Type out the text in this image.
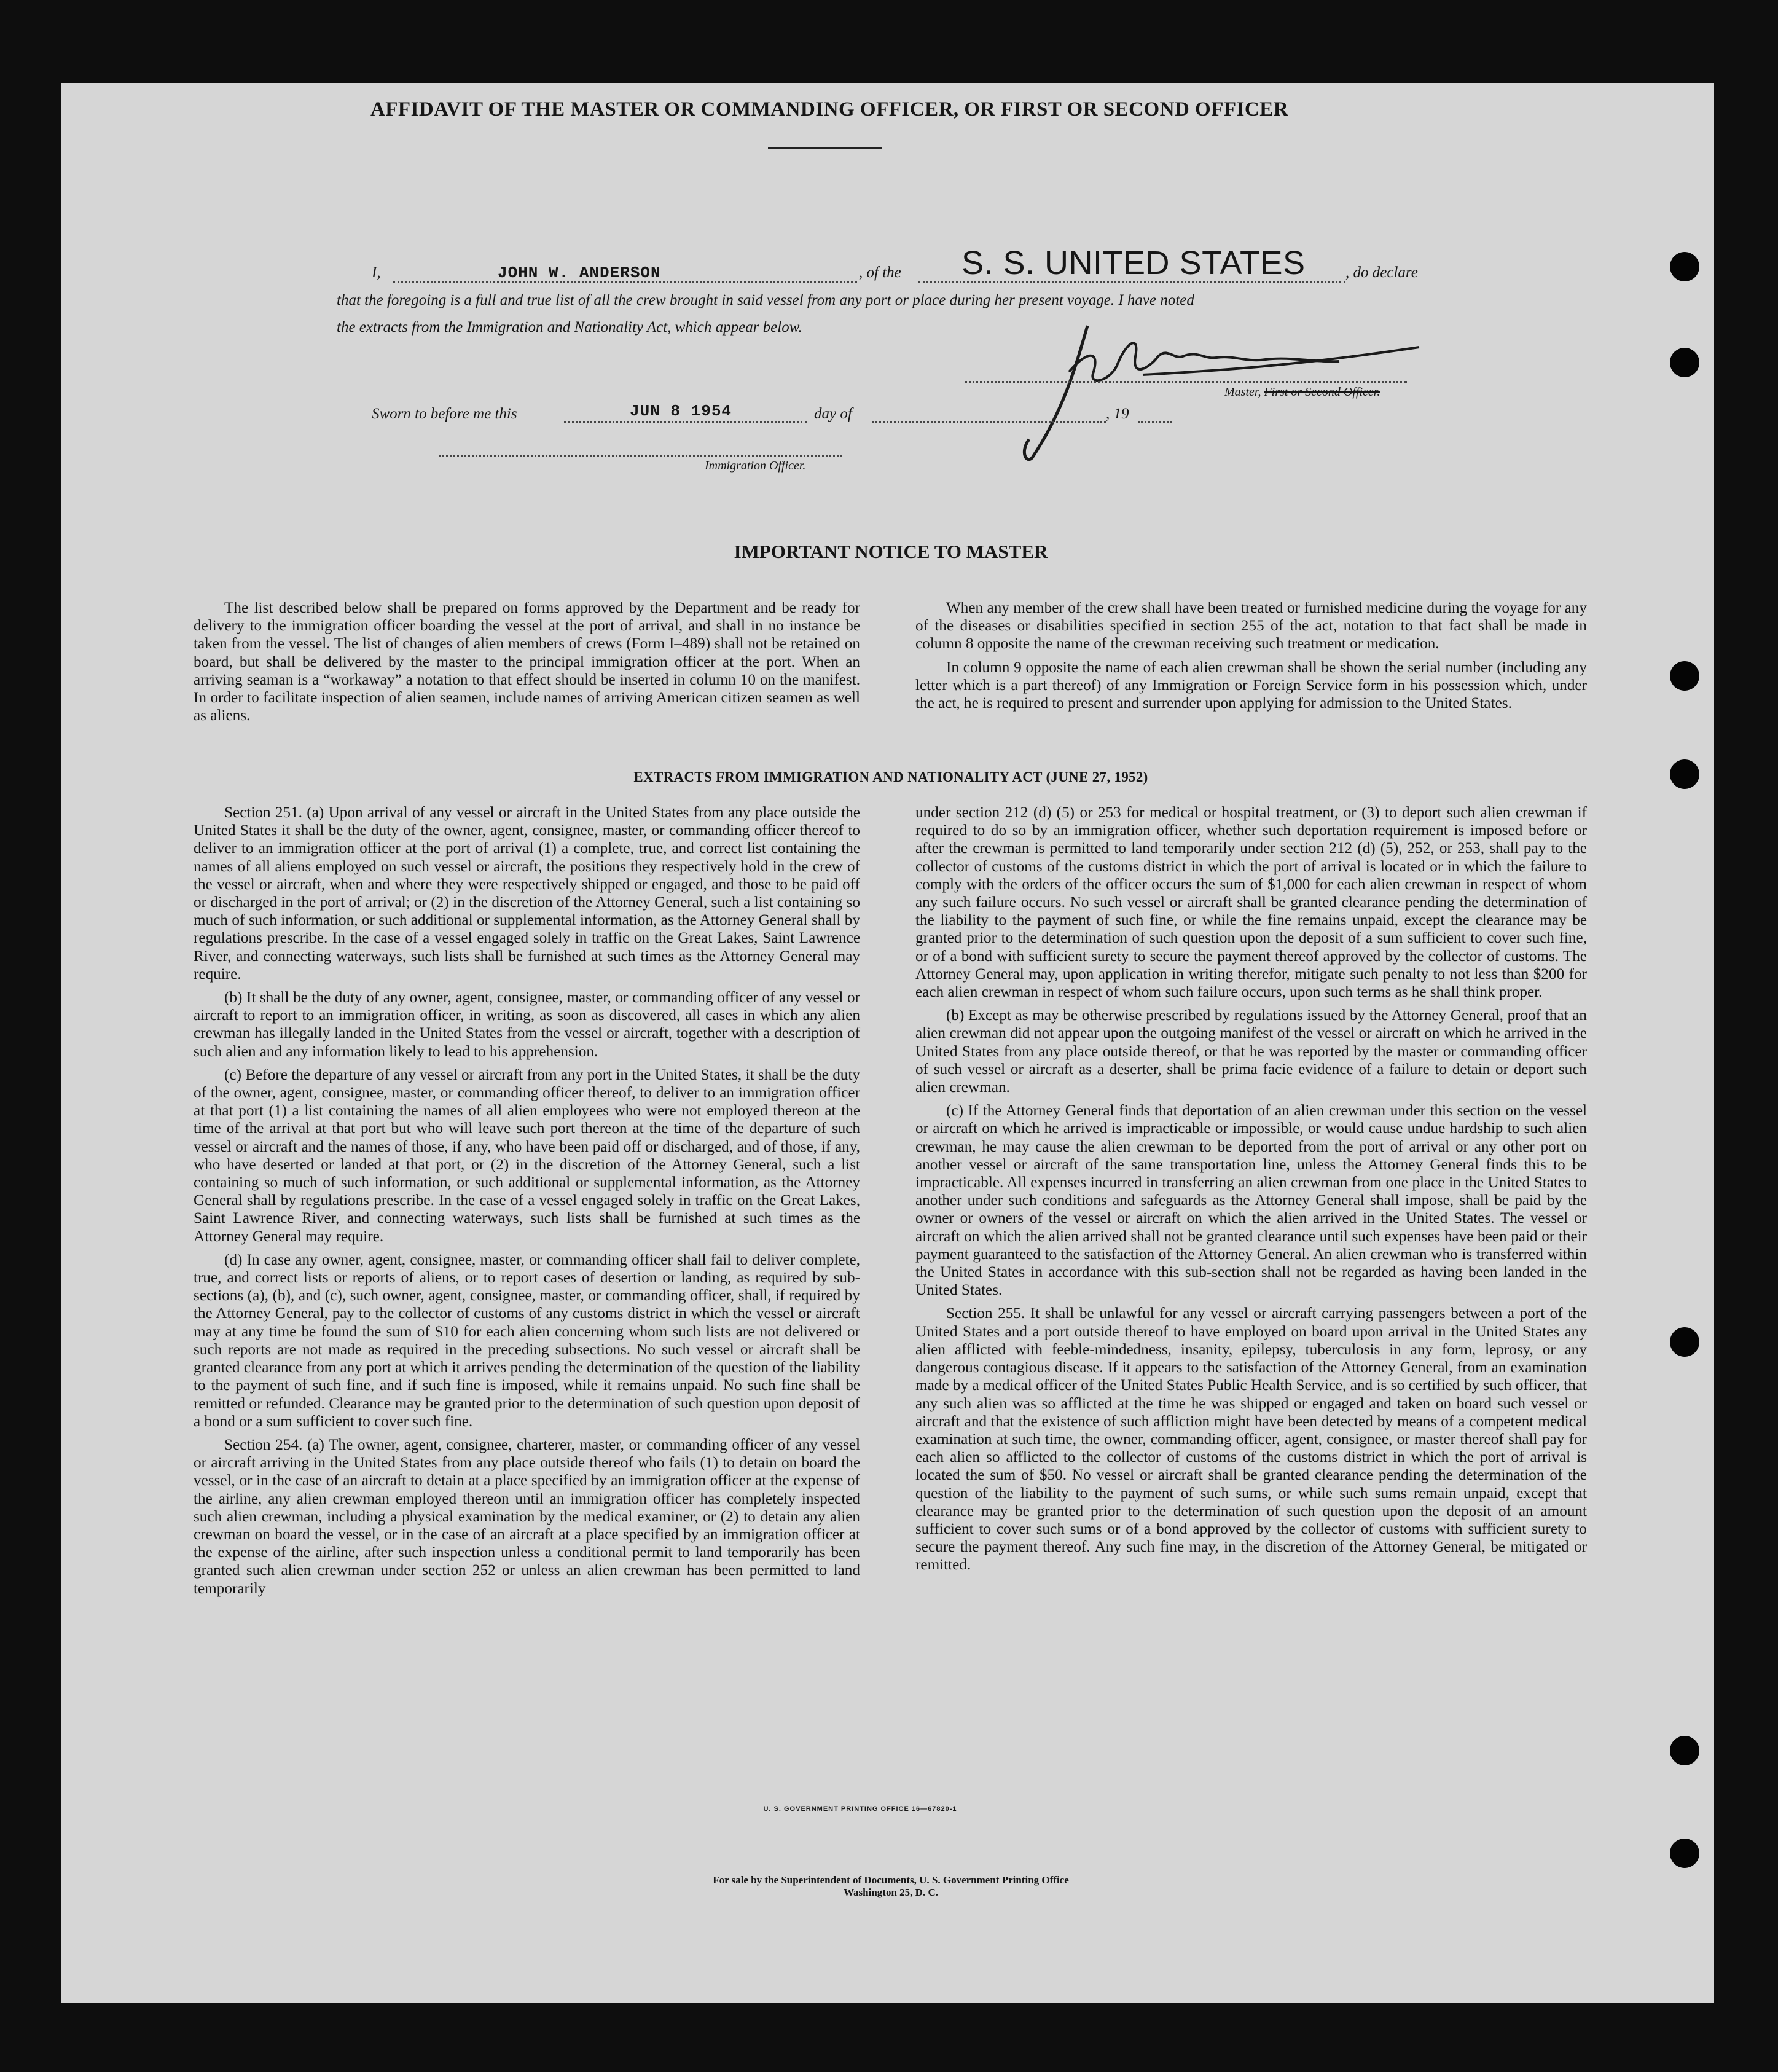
AFFIDAVIT OF THE MASTER OR COMMANDING OFFICER, OR FIRST OR SECOND OFFICER
I,	JOHN W. ANDERSON	, of the S. S. UNITED STATES	, do declare
that the foregoing is a full and true list of all the crew brought in said vessel from any port or place during her present voyage. I have noted
the extracts from the Immigration and Nationality Act, which appear below.
Master, First or Second Officer.
Sworn to before me this	JUN 8 1954	day of	, 19
Immigration Officer.
IMPORTANT NOTICE TO MASTER

The list described below shall be prepared on forms approved by the Department and be ready for delivery to the immigration officer boarding the vessel at the port of arrival, and shall in no instance be taken from the vessel. The list of changes of alien members of crews (Form I–489) shall not be retained on board, but shall be delivered by the master to the principal immigration officer at the port. When an arriving seaman is a “workaway” a notation to that effect should be inserted in column 10 on the manifest. In order to facilitate inspection of alien seamen, include names of arriving American citizen seamen as well as aliens.

When any member of the crew shall have been treated or furnished medicine during the voyage for any of the diseases or disabilities specified in section 255 of the act, notation to that fact shall be made in column 8 opposite the name of the crewman receiving such treatment or medication.

In column 9 opposite the name of each alien crewman shall be shown the serial number (including any letter which is a part thereof) of any Immigration or Foreign Service form in his possession which, under the act, he is required to present and surrender upon applying for admission to the United States.

EXTRACTS FROM IMMIGRATION AND NATIONALITY ACT (JUNE 27, 1952)

Section 251. (a) Upon arrival of any vessel or aircraft in the United States from any place outside the United States it shall be the duty of the owner, agent, consignee, master, or commanding officer thereof to deliver to an immigration officer at the port of arrival (1) a complete, true, and correct list containing the names of all aliens employed on such vessel or aircraft, the positions they respectively hold in the crew of the vessel or aircraft, when and where they were respectively shipped or engaged, and those to be paid off or discharged in the port of arrival; or (2) in the discretion of the Attorney General, such a list containing so much of such information, or such additional or supplemental information, as the Attorney General shall by regulations prescribe. In the case of a vessel engaged solely in traffic on the Great Lakes, Saint Lawrence River, and connecting waterways, such lists shall be furnished at such times as the Attorney General may require.

(b) It shall be the duty of any owner, agent, consignee, master, or commanding officer of any vessel or aircraft to report to an immigration officer, in writing, as soon as discovered, all cases in which any alien crewman has illegally landed in the United States from the vessel or aircraft, together with a description of such alien and any information likely to lead to his apprehension.

(c) Before the departure of any vessel or aircraft from any port in the United States, it shall be the duty of the owner, agent, consignee, master, or commanding officer thereof, to deliver to an immigration officer at that port (1) a list containing the names of all alien employees who were not employed thereon at the time of the arrival at that port but who will leave such port thereon at the time of the departure of such vessel or aircraft and the names of those, if any, who have been paid off or discharged, and of those, if any, who have deserted or landed at that port, or (2) in the discretion of the Attorney General, such a list containing so much of such information, or such additional or supplemental information, as the Attorney General shall by regulations prescribe. In the case of a vessel engaged solely in traffic on the Great Lakes, Saint Lawrence River, and connecting waterways, such lists shall be furnished at such times as the Attorney General may require.

(d) In case any owner, agent, consignee, master, or commanding officer shall fail to deliver complete, true, and correct lists or reports of aliens, or to report cases of desertion or landing, as required by sub-sections (a), (b), and (c), such owner, agent, consignee, master, or commanding officer, shall, if required by the Attorney General, pay to the collector of customs of any customs district in which the vessel or aircraft may at any time be found the sum of $10 for each alien concerning whom such lists are not delivered or such reports are not made as required in the preceding subsections. No such vessel or aircraft shall be granted clearance from any port at which it arrives pending the determination of the question of the liability to the payment of such fine, and if such fine is imposed, while it remains unpaid. No such fine shall be remitted or refunded. Clearance may be granted prior to the determination of such question upon deposit of a bond or a sum sufficient to cover such fine.

Section 254. (a) The owner, agent, consignee, charterer, master, or commanding officer of any vessel or aircraft arriving in the United States from any place outside thereof who fails (1) to detain on board the vessel, or in the case of an aircraft to detain at a place specified by an immigration officer at the expense of the airline, any alien crewman employed thereon until an immigration officer has completely inspected such alien crewman, including a physical examination by the medical examiner, or (2) to detain any alien crewman on board the vessel, or in the case of an aircraft at a place specified by an immigration officer at the expense of the airline, after such inspection unless a conditional permit to land temporarily has been granted such alien crewman under section 252 or unless an alien crewman has been permitted to land temporarily

under section 212 (d) (5) or 253 for medical or hospital treatment, or (3) to deport such alien crewman if required to do so by an immigration officer, whether such deportation requirement is imposed before or after the crewman is permitted to land temporarily under section 212 (d) (5), 252, or 253, shall pay to the collector of customs of the customs district in which the port of arrival is located or in which the failure to comply with the orders of the officer occurs the sum of $1,000 for each alien crewman in respect of whom any such failure occurs. No such vessel or aircraft shall be granted clearance pending the determination of the liability to the payment of such fine, or while the fine remains unpaid, except the clearance may be granted prior to the determination of such question upon the deposit of a sum sufficient to cover such fine, or of a bond with sufficient surety to secure the payment thereof approved by the collector of customs. The Attorney General may, upon application in writing therefor, mitigate such penalty to not less than $200 for each alien crewman in respect of whom such failure occurs, upon such terms as he shall think proper.

(b) Except as may be otherwise prescribed by regulations issued by the Attorney General, proof that an alien crewman did not appear upon the outgoing manifest of the vessel or aircraft on which he arrived in the United States from any place outside thereof, or that he was reported by the master or commanding officer of such vessel or aircraft as a deserter, shall be prima facie evidence of a failure to detain or deport such alien crewman.

(c) If the Attorney General finds that deportation of an alien crewman under this section on the vessel or aircraft on which he arrived is impracticable or impossible, or would cause undue hardship to such alien crewman, he may cause the alien crewman to be deported from the port of arrival or any other port on another vessel or aircraft of the same transportation line, unless the Attorney General finds this to be impracticable. All expenses incurred in transferring an alien crewman from one place in the United States to another under such conditions and safeguards as the Attorney General shall impose, shall be paid by the owner or owners of the vessel or aircraft on which the alien arrived in the United States. The vessel or aircraft on which the alien arrived shall not be granted clearance until such expenses have been paid or their payment guaranteed to the satisfaction of the Attorney General. An alien crewman who is transferred within the United States in accordance with this sub-section shall not be regarded as having been landed in the United States.

Section 255. It shall be unlawful for any vessel or aircraft carrying passengers between a port of the United States and a port outside thereof to have employed on board upon arrival in the United States any alien afflicted with feeble-mindedness, insanity, epilepsy, tuberculosis in any form, leprosy, or any dangerous contagious disease. If it appears to the satisfaction of the Attorney General, from an examination made by a medical officer of the United States Public Health Service, and is so certified by such officer, that any such alien was so afflicted at the time he was shipped or engaged and taken on board such vessel or aircraft and that the existence of such affliction might have been detected by means of a competent medical examination at such time, the owner, commanding officer, agent, consignee, or master thereof shall pay for each alien so afflicted to the collector of customs of the customs district in which the port of arrival is located the sum of $50. No vessel or aircraft shall be granted clearance pending the determination of the question of the liability to the payment of such sums, or while such sums remain unpaid, except that clearance may be granted prior to the determination of such question upon the deposit of an amount sufficient to cover such sums or of a bond approved by the collector of customs with sufficient surety to secure the payment thereof. Any such fine may, in the discretion of the Attorney General, be mitigated or remitted.

U. S. GOVERNMENT PRINTING OFFICE 16—67820-1
For sale by the Superintendent of Documents, U. S. Government Printing Office
Washington 25, D. C.
